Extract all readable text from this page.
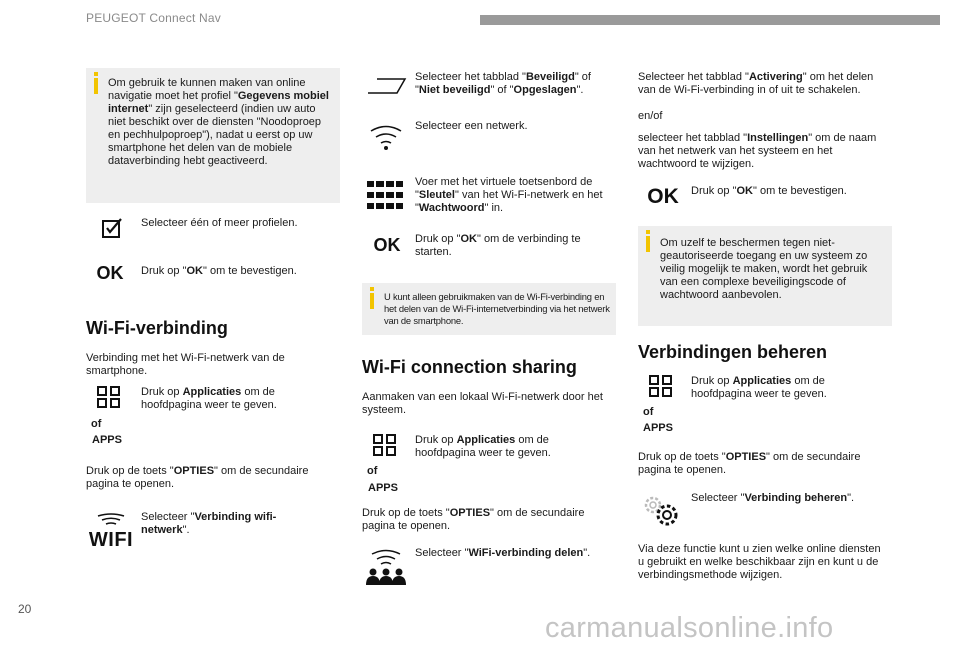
PEUGEOT Connect Nav

Om gebruik te kunnen maken van online navigatie moet het profiel "Gegevens mobiel internet" zijn geselecteerd (indien uw auto niet beschikt over de diensten "Noodoproep en pechhulpoproep"), nadat u eerst op uw smartphone het delen van de mobiele dataverbinding hebt geactiveerd.

Selecteer één of meer profielen.

OK	Druk op "OK" om te bevestigen.

Wi-Fi-verbinding

Verbinding met het Wi-Fi-netwerk van de smartphone.

of
APPS

Druk op Applicaties om de hoofdpagina weer te geven.

Druk op de toets "OPTIES" om de secundaire pagina te openen.

WIFI

Selecteer "Verbinding wifi-netwerk".

Selecteer het tabblad "Beveiligd" of "Niet beveiligd" of "Opgeslagen".

Selecteer een netwerk.

Voer met het virtuele toetsenbord de "Sleutel" van het Wi-Fi-netwerk en het "Wachtwoord" in.

OK	Druk op "OK" om de verbinding te starten.

U kunt alleen gebruikmaken van de Wi-Fi-verbinding en het delen van de Wi-Fi-internetverbinding via het netwerk van de smartphone.

Wi-Fi connection sharing

Aanmaken van een lokaal Wi-Fi-netwerk door het systeem.

of
APPS

Druk op Applicaties om de hoofdpagina weer te geven.

Druk op de toets "OPTIES" om de secundaire pagina te openen.

Selecteer "WiFi-verbinding delen".

Selecteer het tabblad "Activering" om het delen van de Wi-Fi-verbinding in of uit te schakelen.

en/of

selecteer het tabblad "Instellingen" om de naam van het netwerk van het systeem en het wachtwoord te wijzigen.

OK	Druk op "OK" om te bevestigen.

Om uzelf te beschermen tegen niet-geautoriseerde toegang en uw systeem zo veilig mogelijk te maken, wordt het gebruik van een complexe beveiligingscode of wachtwoord aanbevolen.

Verbindingen beheren
of
APPS

Druk op Applicaties om de hoofdpagina weer te geven.

Druk op de toets "OPTIES" om de secundaire pagina te openen.

Selecteer "Verbinding beheren".

Via deze functie kunt u zien welke online diensten u gebruikt en welke beschikbaar zijn en kunt u de verbindingsmethode wijzigen.

20
carmanualsonline.info
